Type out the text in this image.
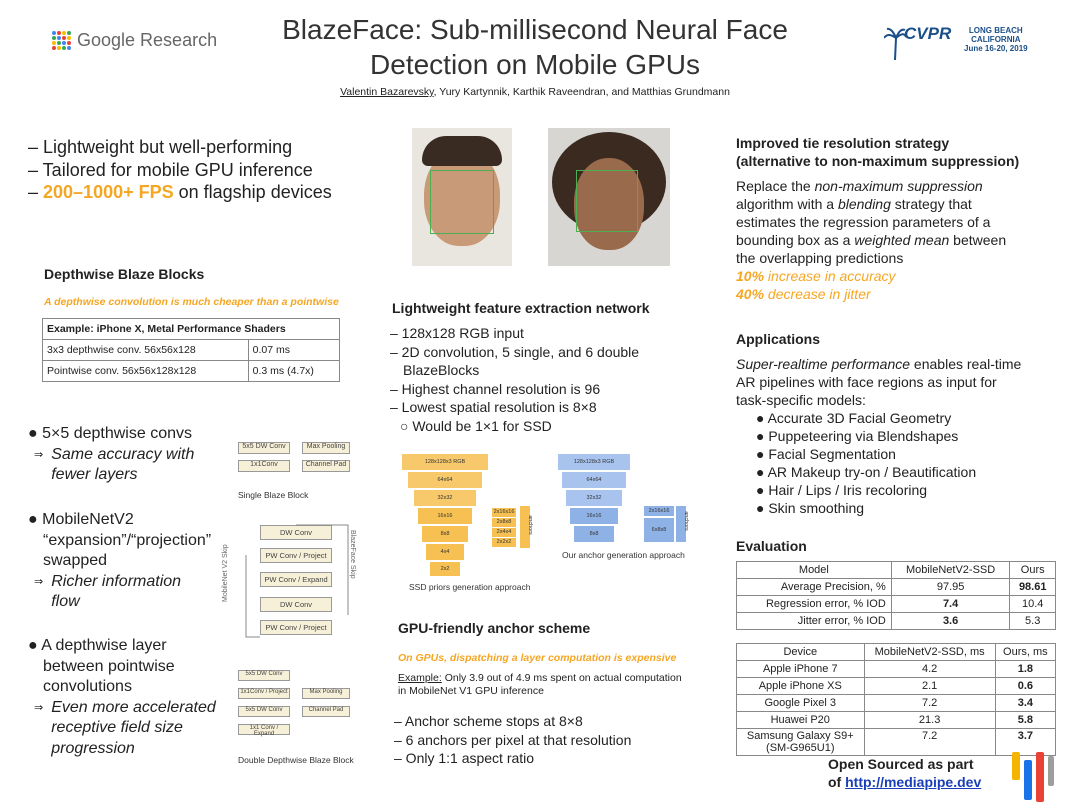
Google Research	BlazeFace: Sub-millisecond Neural Face
Detection on Mobile GPUs
Valentin Bazarevsky, Yury Kartynnik, Karthik Raveendran, and Matthias Grundmann
CVPR	LONG BEACH
CALIFORNIA
June 16-20, 2019
– Lightweight but well-performing
– Tailored for mobile GPU inference
– 200–1000+ FPS on flagship devices
Depthwise Blaze Blocks
A depthwise convolution is much cheaper than a pointwise
Example: iPhone X, Metal Performance Shaders	
3x3 depthwise conv. 56x56x128	0.07 ms
Pointwise conv. 56x56x128x128	0.3 ms (4.7x)
● 5×5 depthwise convs
⇒ Same accuracy with fewer layers
● MobileNetV2
“expansion”/“projection”
swapped
⇒ Richer information flow
● A depthwise layer
between pointwise
convolutions
⇒ Even more accelerated receptive field size progression
5x5 DW Conv
1x1Conv
Max Pooling
Channel Pad
Single Blaze Block
DW Conv
PW Conv / Project
PW Conv / Expand
DW Conv
PW Conv / Project
MobileNet V2 Skip	BlazeFace Skip
5x5 DW Conv
1x1Conv / Project
5x5 DW Conv
1x1 Conv / Expand
Max Pooling
Channel Pad
Double Depthwise Blaze Block
Lightweight feature extraction network
– 128x128 RGB input
– 2D convolution, 5 single, and 6 double
BlazeBlocks
– Highest channel resolution is 96
– Lowest spatial resolution is 8×8
○ Would be 1×1 for SSD
128x128x3 RGB
64x64
32x32
16x16
8x8
4x4
2x2
2x16x16
2x8x8
2x4x4
2x2x2
anchors
SSD priors generation approach
128x128x3 RGB
64x64
32x32
16x16
8x8
2x16x16
6x8x8	anchors
Our anchor generation approach
GPU-friendly anchor scheme
On GPUs, dispatching a layer computation is expensive
Example: Only 3.9 out of 4.9 ms spent on actual computation
in MobileNet V1 GPU inference
– Anchor scheme stops at 8×8
– 6 anchors per pixel at that resolution
– Only 1:1 aspect ratio
Improved tie resolution strategy
(alternative to non-maximum suppression)
Replace the non-maximum suppression
algorithm with a blending strategy that
estimates the regression parameters of a
bounding box as a weighted mean between
the overlapping predictions
10% increase in accuracy
40% decrease in jitter
Applications
Super-realtime performance enables real-time
AR pipelines with face regions as input for
task-specific models:
● Accurate 3D Facial Geometry
● Puppeteering via Blendshapes
● Facial Segmentation
● AR Makeup try-on / Beautification
● Hair / Lips / Iris recoloring
● Skin smoothing
Evaluation
Model	MobileNetV2-SSD	Ours
Average Precision, %	97.95	98.61
Regression error, % IOD	7.4	10.4
Jitter error, % IOD	3.6	5.3
Device	MobileNetV2-SSD, ms	Ours, ms
Apple iPhone 7	4.2	1.8
Apple iPhone XS	2.1	0.6
Google Pixel 3	7.2	3.4
Huawei P20	21.3	5.8

Samsung Galaxy S9+
(SM-G965U1)	7.2	3.7
Open Sourced as part
of http://mediapipe.dev
